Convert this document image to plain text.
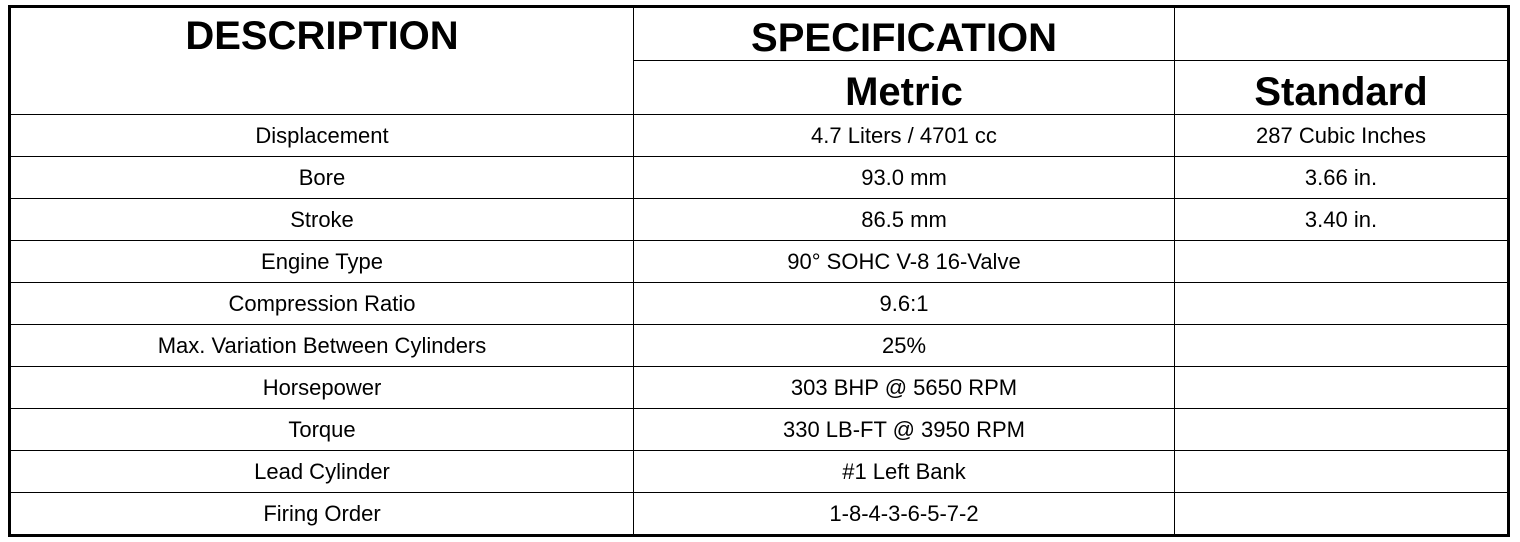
DESCRIPTION	SPECIFICATION	
	Metric	Standard
Displacement	4.7 Liters / 4701 cc	287 Cubic Inches
Bore	93.0 mm	3.66 in.
Stroke	86.5 mm	3.40 in.
Engine Type	90° SOHC V-8 16-Valve	
Compression Ratio	9.6:1	
Max. Variation Between Cylinders	25%	
Horsepower	303 BHP @ 5650 RPM	
Torque	330 LB-FT @ 3950 RPM	
Lead Cylinder	#1 Left Bank	
Firing Order	1-8-4-3-6-5-7-2	
